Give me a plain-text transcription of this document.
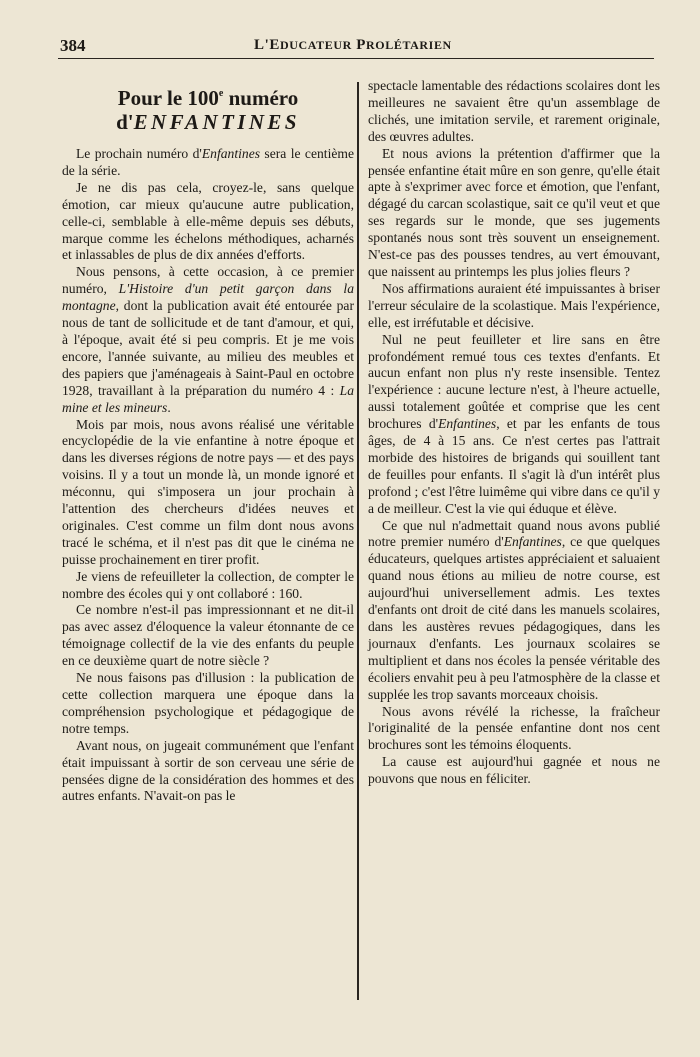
384	L'EDUCATEUR PROLÉTARIEN
Pour le 100e numéro
d'ENFANTINES

Le prochain numéro d'Enfantines sera le centième de la série.

Je ne dis pas cela, croyez-le, sans quelque émotion, car mieux qu'aucune autre publication, celle-ci, semblable à elle-même depuis ses débuts, marque comme les échelons méthodiques, acharnés et inlassables de plus de dix années d'efforts.

Nous pensons, à cette occasion, à ce premier numéro, L'Histoire d'un petit garçon dans la montagne, dont la publication avait été entourée par nous de tant de sollicitude et de tant d'amour, et qui, à l'époque, avait été si peu compris. Et je me vois encore, l'année suivante, au milieu des meubles et des papiers que j'aménageais à Saint-Paul en octobre 1928, travaillant à la préparation du numéro 4 : La mine et les mineurs.

Mois par mois, nous avons réalisé une véritable encyclopédie de la vie enfantine à notre époque et dans les diverses régions de notre pays — et des pays voisins. Il y a tout un monde là, un monde ignoré et méconnu, qui s'imposera un jour prochain à l'attention des chercheurs d'idées neuves et originales. C'est comme un film dont nous avons tracé le schéma, et il n'est pas dit que le cinéma ne puisse prochainement en tirer profit.

Je viens de refeuilleter la collection, de compter le nombre des écoles qui y ont collaboré : 160.

Ce nombre n'est-il pas impressionnant et ne dit-il pas avec assez d'éloquence la valeur étonnante de ce témoignage collectif de la vie des enfants du peuple en ce deuxième quart de notre siècle ?

Ne nous faisons pas d'illusion : la publication de cette collection marquera une époque dans la compréhension psychologique et pédagogique de notre temps.

Avant nous, on jugeait communément que l'enfant était impuissant à sortir de son cerveau une série de pensées digne de la considération des hommes et des autres enfants. N'avait-on pas le

spectacle lamentable des rédactions scolaires dont les meilleures ne savaient être qu'un assemblage de clichés, une imitation servile, et rarement originale, des œuvres adultes.

Et nous avions la prétention d'affirmer que la pensée enfantine était mûre en son genre, qu'elle était apte à s'exprimer avec force et émotion, que l'enfant, dégagé du carcan scolastique, sait ce qu'il veut et que ses regards sur le monde, que ses jugements spontanés nous sont très souvent un enseignement. N'est-ce pas des pousses tendres, au vert émouvant, que naissent au printemps les plus jolies fleurs ?

Nos affirmations auraient été impuissantes à briser l'erreur séculaire de la scolastique. Mais l'expérience, elle, est irréfutable et décisive.

Nul ne peut feuilleter et lire sans en être profondément remué tous ces textes d'enfants. Et aucun enfant non plus n'y reste insensible. Tentez l'expérience : aucune lecture n'est, à l'heure actuelle, aussi totalement goûtée et comprise que les cent brochures d'Enfantines, et par les enfants de tous âges, de 4 à 15 ans. Ce n'est certes pas l'attrait morbide des histoires de brigands qui souillent tant de feuilles pour enfants. Il s'agit là d'un intérêt plus profond ; c'est l'être luimême qui vibre dans ce qu'il y a de meilleur. C'est la vie qui éduque et élève.

Ce que nul n'admettait quand nous avons publié notre premier numéro d'Enfantines, ce que quelques éducateurs, quelques artistes appréciaient et saluaient quand nous étions au milieu de notre course, est aujourd'hui universellement admis. Les textes d'enfants ont droit de cité dans les manuels scolaires, dans les austères revues pédagogiques, dans les journaux d'enfants. Les journaux scolaires se multiplient et dans nos écoles la pensée véritable des écoliers envahit peu à peu l'atmosphère de la classe et supplée les trop savants morceaux choisis.

Nous avons révélé la richesse, la fraîcheur l'originalité de la pensée enfantine dont nos cent brochures sont les témoins éloquents.

La cause est aujourd'hui gagnée et nous ne pouvons que nous en féliciter.
